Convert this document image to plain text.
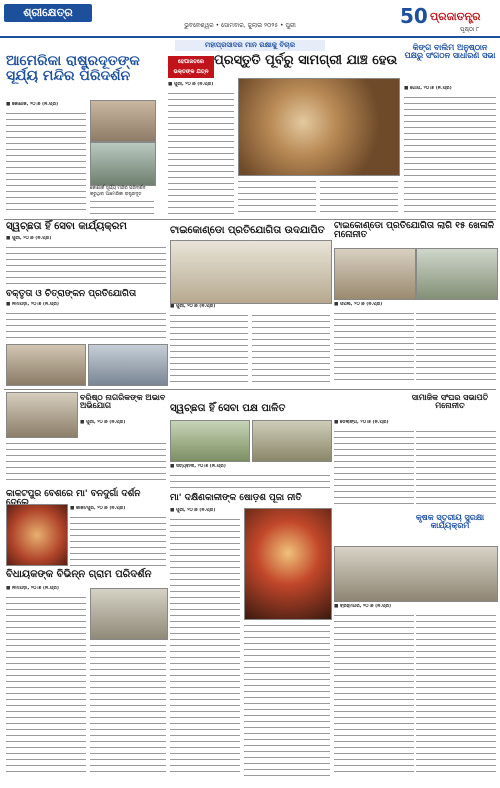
ଶ୍ରୀକ୍ଷେତ୍ର
ଭୁବନେଶ୍ୱର • ସୋମବାର, ଜୁଲାଇ ୨୦୨୫ • ପୁରୀ	50 ପ୍ରଜାତନ୍ତ୍ର
ପୃଷ୍ଠା ୮
ଆମେରିକା ରାଷ୍ଟ୍ରଦୂତଙ୍କ ସୂର୍ଯ୍ୟ ମନ୍ଦିର ପରିଦର୍ଶନ
■ କୋଣାର୍କ, ୨୦।୭ (ନି.ପ୍ର)
କୋଣାର୍କ ସୂର୍ଯ୍ୟ ମନ୍ଦିର ପରିଦର୍ଶନ କରୁଥିବା ଆମେରିକା ରାଷ୍ଟ୍ରଦୂତ
ମହାପ୍ରସାଦର ମାନ ରକ୍ଷାକୁ ବିଚାର
ହେପାଜତରେ ଭକ୍ତଙ୍କ ଯତ୍ନ
ପ୍ରସ୍ତୁତି ପୂର୍ବରୁ ସାମଗ୍ରୀ ଯାଞ୍ଚ ହେଉ
■ ପୁରୀ, ୨୦।୭ (ନି.ପ୍ର)
କିଙ୍ଗ ବାଲିମ ଅନୁଷ୍ଠାନ ପକ୍ଷରୁ ସଂଗଠନ ସାଧାରଣ ସଭା
■ ଗୋପ, ୨୦।୭ (ନି.ପ୍ର)
ସ୍ୱଚ୍ଛତା ହିଁ ସେବା କାର୍ଯ୍ୟକ୍ରମ
■ ପୁରୀ, ୨୦।୭ (ନି.ପ୍ର)
ବକ୍ତୃତା ଓ ଚିତ୍ରାଙ୍କନ ପ୍ରତିଯୋଗିତା
■ ନିମାପଡ଼ା, ୨୦।୭ (ନି.ପ୍ର)
ଟାଇକୋଣ୍ଡୋ ପ୍ରତିଯୋଗିତା ଉଦଯାପିତ
■ ପୁରୀ, ୨୦।୭ (ନି.ପ୍ର)
ଟାଇକୋଣ୍ଡୋ ପ୍ରତିଯୋଗିତା ଲାଗି ୧୫ ଖେଳାଳି ମନୋନୀତ
■ ପିପିଲି, ୨୦।୭ (ନି.ପ୍ର)
ବରିଷ୍ଠ ନାଗରିକଙ୍କ ଅଭାବ ଅଭିଯୋଗ
■ ପୁରୀ, ୨୦।୭ (ନି.ପ୍ର)
ସ୍ୱଚ୍ଛତା ହିଁ ସେବା ପକ୍ଷ ପାଳିତ
■ ସତ୍ୟବାଦୀ, ୨୦।୭ (ନି.ପ୍ର)
ସାମାଜିକ ସଂଘର ସଭାପତି ମନୋନୀତ
■ ଡେଲାଙ୍ଗ, ୨୦।୭ (ନି.ପ୍ର)
କାକଟପୁର ବେଶରେ ମା' ବନଦୁର୍ଗା ଦର୍ଶନ
■ କାକଟପୁର, ୨୦।୭ (ନି.ପ୍ର)
ମା' ଦକ୍ଷିଣକାଳୀଙ୍କ ଷୋଡ଼ଶ ପୂଜା ନୀତି
■ ପୁରୀ, ୨୦।୭ (ନି.ପ୍ର)
କୃଷକ ସ୍ତରୀୟ ସୁରକ୍ଷା କାର୍ଯ୍ୟକ୍ରମ
■ ବ୍ରହ୍ମଗିରି, ୨୦।୭ (ନି.ପ୍ର)
ବିଧାୟକଙ୍କ ବିଭିନ୍ନ ଗ୍ରାମ ପରିଦର୍ଶନ
■ ନିମାପଡ଼ା, ୨୦।୭ (ନି.ପ୍ର)
